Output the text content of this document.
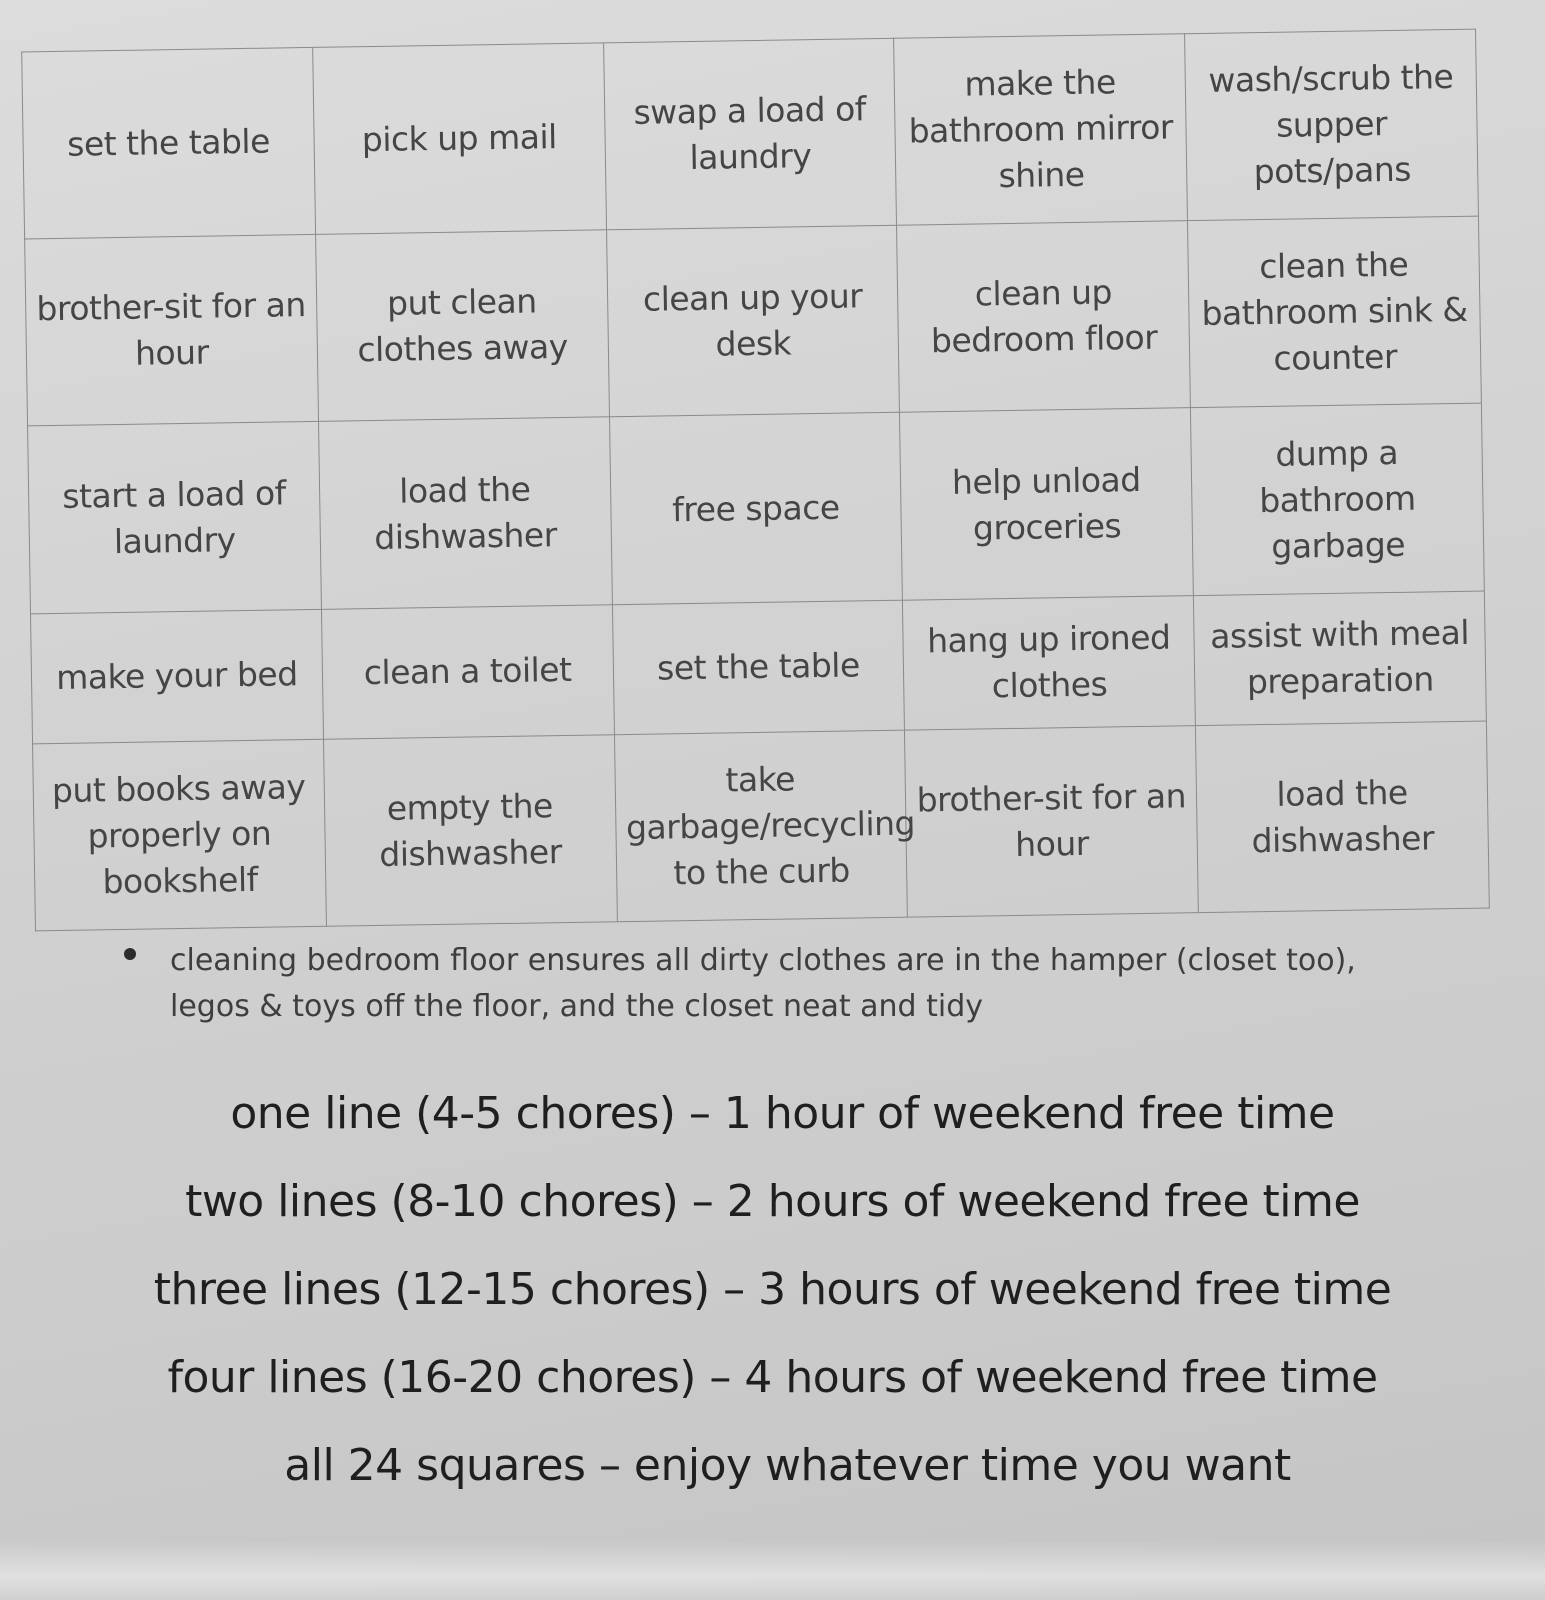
set the table	pick up mail	swap a load of laundry	make the bathroom mirror shine	wash/scrub the supper pots/pans
brother-sit for an hour	put clean clothes away	clean up your desk	clean up bedroom floor	clean the bathroom sink & counter
start a load of laundry	load the dishwasher	free space	help unload groceries	dump a bathroom garbage
make your bed	clean a toilet	set the table	hang up ironed clothes	assist with meal preparation
put books away properly on bookshelf	empty the dishwasher	take garbage/recycling to the curb	brother-sit for an hour	load the dishwasher
cleaning bedroom floor ensures all dirty clothes are in the hamper (closet too), legos & toys off the floor, and the closet neat and tidy
one line (4-5 chores) – 1 hour of weekend free time
two lines (8-10 chores) – 2 hours of weekend free time
three lines (12-15 chores) – 3 hours of weekend free time
four lines (16-20 chores) – 4 hours of weekend free time
all 24 squares – enjoy whatever time you want
